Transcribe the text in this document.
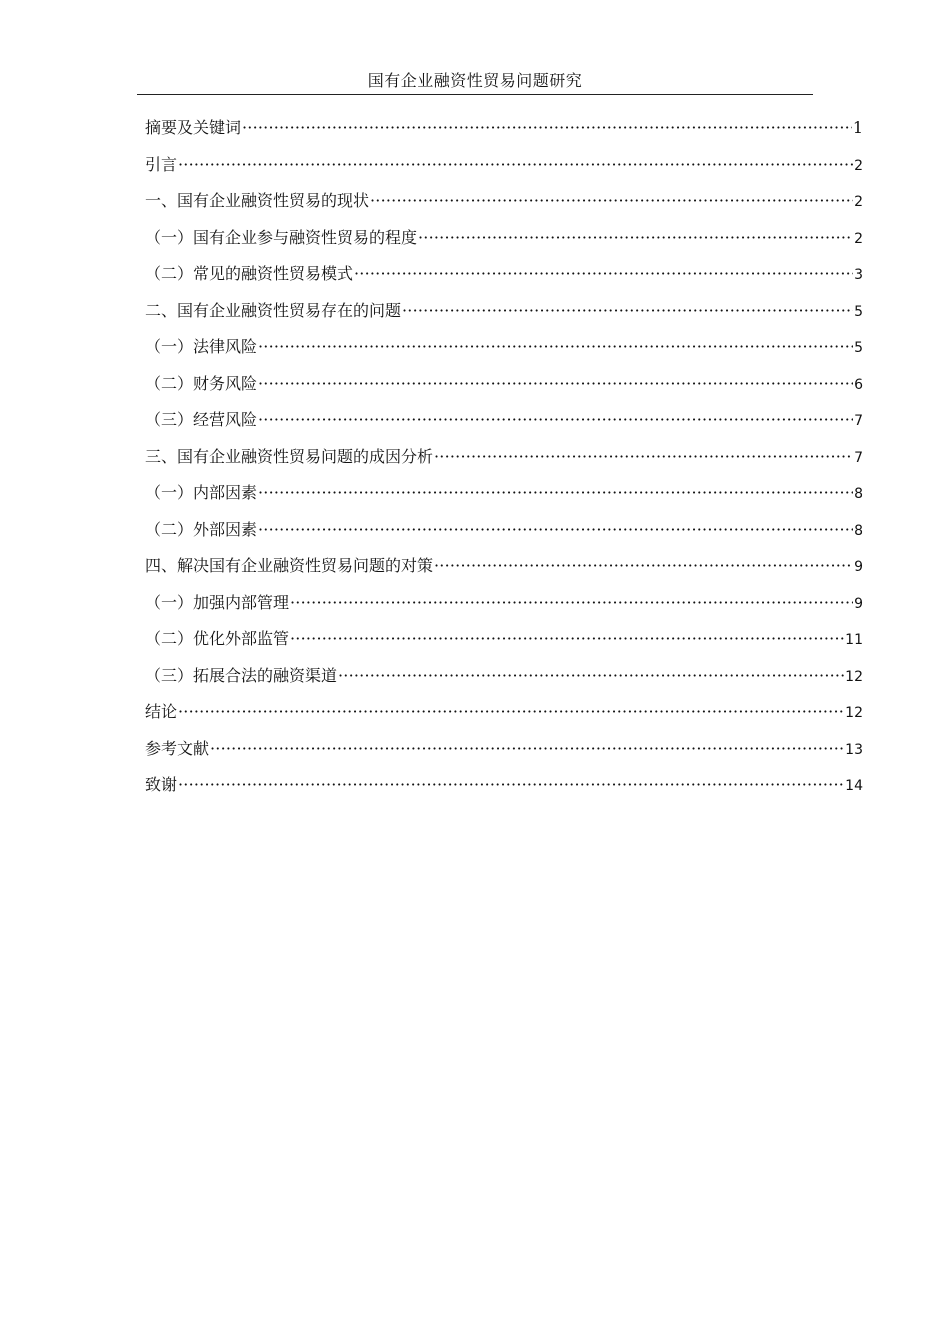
国有企业融资性贸易问题研究
摘要及关键词 ·····	1
引言 ·····	2
一、国有企业融资性贸易的现状 ·····	2
（一）国有企业参与融资性贸易的程度 ·····	2
（二）常见的融资性贸易模式 ·····	3
二、国有企业融资性贸易存在的问题 ·····	5
（一）法律风险 ·····	5
（二）财务风险 ·····	6
（三）经营风险 ·····	7
三、国有企业融资性贸易问题的成因分析 ·····	7
（一）内部因素 ·····	8
（二）外部因素 ·····	8
四、解决国有企业融资性贸易问题的对策 ·····	9
（一）加强内部管理 ·····	9
（二）优化外部监管 ·····	11
（三）拓展合法的融资渠道 ·····	12
结论 ·····	12
参考文献 ·····	13
致谢 ·····	14
